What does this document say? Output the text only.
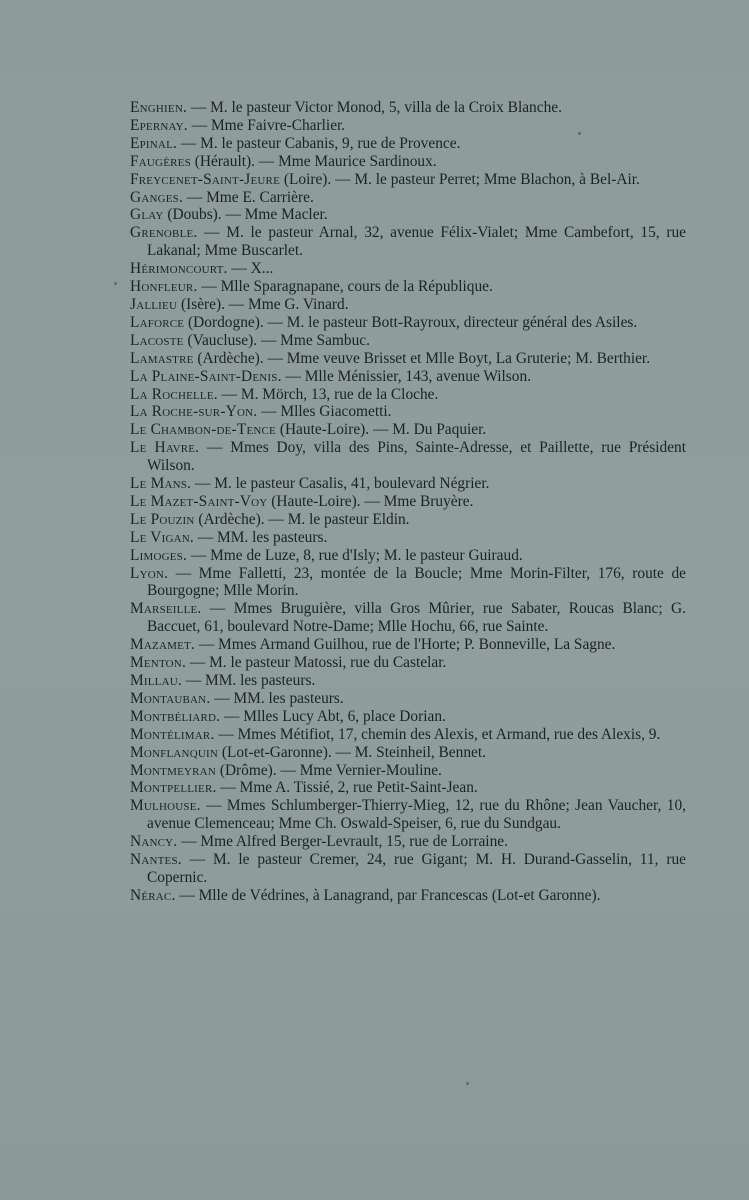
Enghien. — M. le pasteur Victor Monod, 5, villa de la Croix Blanche.

Epernay. — Mme Faivre-Charlier.

Epinal. — M. le pasteur Cabanis, 9, rue de Provence.

Faugères (Hérault). — Mme Maurice Sardinoux.

Freycenet-Saint-Jeure (Loire). — M. le pasteur Perret; Mme Blachon, à Bel-Air.

Ganges. — Mme E. Carrière.

Glay (Doubs). — Mme Macler.

Grenoble. — M. le pasteur Arnal, 32, avenue Félix-Vialet; Mme Cambefort, 15, rue Lakanal; Mme Buscarlet.

Hérimoncourt. — X...

Honfleur. — Mlle Sparagnapane, cours de la République.

Jallieu (Isère). — Mme G. Vinard.

Laforce (Dordogne). — M. le pasteur Bott-Rayroux, directeur général des Asiles.

Lacoste (Vaucluse). — Mme Sambuc.

Lamastre (Ardèche). — Mme veuve Brisset et Mlle Boyt, La Gruterie; M. Berthier.

La Plaine-Saint-Denis. — Mlle Ménissier, 143, avenue Wilson.

La Rochelle. — M. Mörch, 13, rue de la Cloche.

La Roche-sur-Yon. — Mlles Giacometti.

Le Chambon-de-Tence (Haute-Loire). — M. Du Paquier.

Le Havre. — Mmes Doy, villa des Pins, Sainte-Adresse, et Paillette, rue Président Wilson.

Le Mans. — M. le pasteur Casalis, 41, boulevard Négrier.

Le Mazet-Saint-Voy (Haute-Loire). — Mme Bruyère.

Le Pouzin (Ardèche). — M. le pasteur Eldin.

Le Vigan. — MM. les pasteurs.

Limoges. — Mme de Luze, 8, rue d'Isly; M. le pasteur Guiraud.

Lyon. — Mme Falletti, 23, montée de la Boucle; Mme Morin-Filter, 176, route de Bourgogne; Mlle Morin.

Marseille. — Mmes Bruguière, villa Gros Mûrier, rue Sabater, Roucas Blanc; G. Baccuet, 61, boulevard Notre-Dame; Mlle Hochu, 66, rue Sainte.

Mazamet. — Mmes Armand Guilhou, rue de l'Horte; P. Bonneville, La Sagne.

Menton. — M. le pasteur Matossi, rue du Castelar.

Millau. — MM. les pasteurs.

Montauban. — MM. les pasteurs.

Montbéliard. — Mlles Lucy Abt, 6, place Dorian.

Montélimar. — Mmes Métifiot, 17, chemin des Alexis, et Armand, rue des Alexis, 9.

Monflanquin (Lot-et-Garonne). — M. Steinheil, Bennet.

Montmeyran (Drôme). — Mme Vernier-Mouline.

Montpellier. — Mme A. Tissié, 2, rue Petit-Saint-Jean.

Mulhouse. — Mmes Schlumberger-Thierry-Mieg, 12, rue du Rhône; Jean Vaucher, 10, avenue Clemenceau; Mme Ch. Oswald-Speiser, 6, rue du Sundgau.

Nancy. — Mme Alfred Berger-Levrault, 15, rue de Lorraine.

Nantes. — M. le pasteur Cremer, 24, rue Gigant; M. H. Durand-Gasselin, 11, rue Copernic.

Nérac. — Mlle de Védrines, à Lanagrand, par Francescas (Lot-et Garonne).
